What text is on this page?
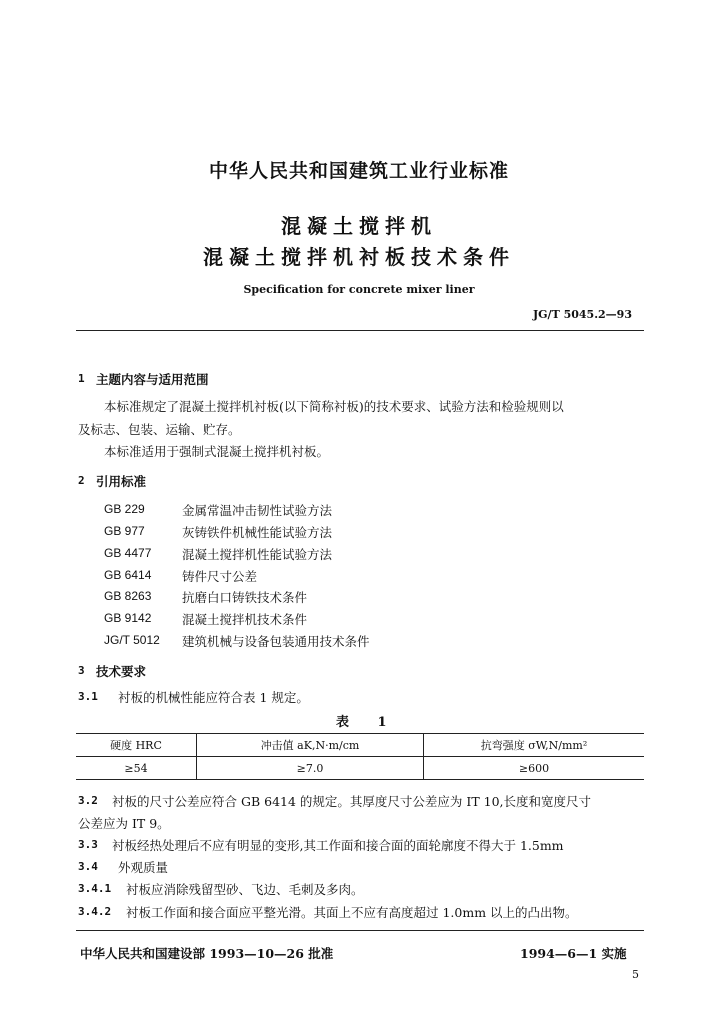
中华人民共和国建筑工业行业标准
混凝土搅拌机
混凝土搅拌机衬板技术条件
Specification for concrete mixer liner
JG/T 5045.2—93
1 主题内容与适用范围
本标准规定了混凝土搅拌机衬板(以下简称衬板)的技术要求、试验方法和检验规则以
及标志、包装、运输、贮存。
本标准适用于强制式混凝土搅拌机衬板。
2 引用标准
GB 229	金属常温冲击韧性试验方法
GB 977	灰铸铁件机械性能试验方法
GB 4477 混凝土搅拌机性能试验方法
GB 6414 铸件尺寸公差
GB 8263 抗磨白口铸铁技术条件
GB 9142 混凝土搅拌机技术条件
JG/T 5012 建筑机械与设备包装通用技术条件
3 技术要求
3.1 衬板的机械性能应符合表 1 规定。
表 1
硬度 HRC	冲击值 aK,N·m/cm	抗弯强度 σW,N/mm²
≥54	≥7.0	≥600
3.2 衬板的尺寸公差应符合 GB 6414 的规定。其厚度尺寸公差应为 IT 10,长度和宽度尺寸
公差应为 IT 9。
3.3 衬板经热处理后不应有明显的变形,其工作面和接合面的面轮廓度不得大于 1.5mm
3.4 外观质量
3.4.1 衬板应消除残留型砂、飞边、毛刺及多肉。
3.4.2 衬板工作面和接合面应平整光滑。其面上不应有高度超过 1.0mm 以上的凸出物。
中华人民共和国建设部 1993—10—26 批准	1994—6—1 实施
5
